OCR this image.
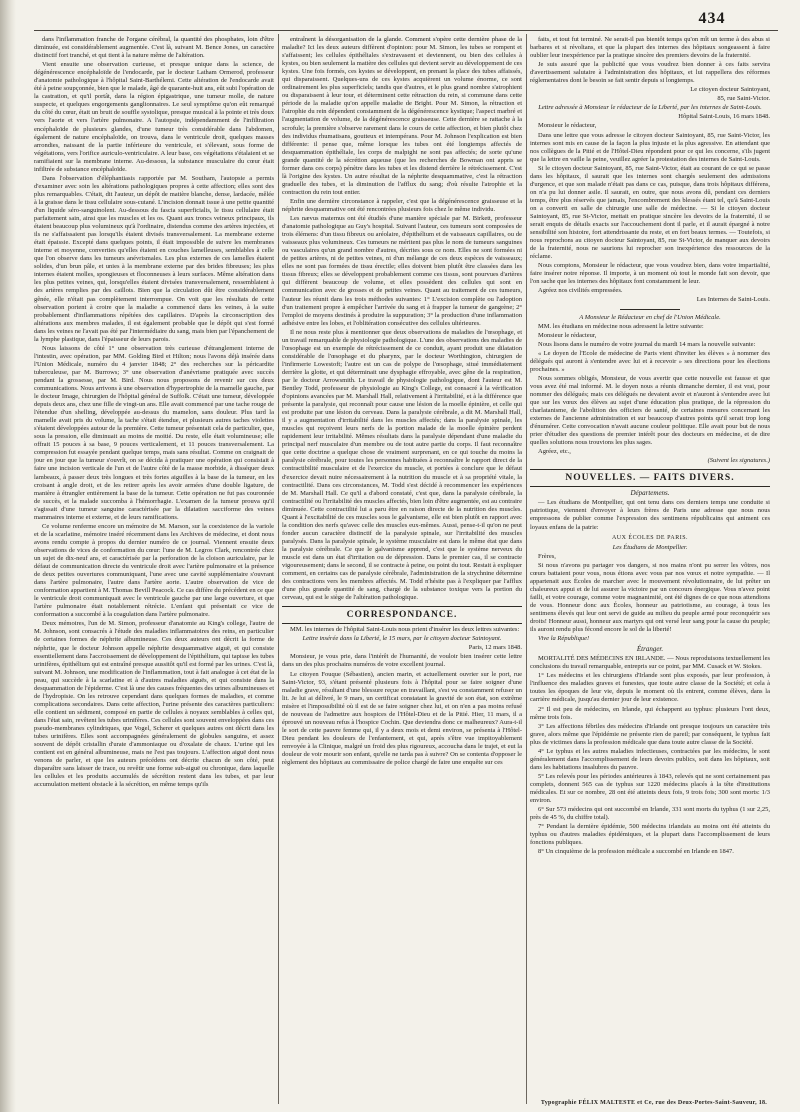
434

dans l'inflammation franche de l'organe cérébral, la quantité des phosphates, loin d'être diminuée, est considérablement augmentée. C'est là, suivant M. Bence Jones, un caractère distinctif fort tranché, et qui tient à la nature même de l'altération.

Vient ensuite une observation curieuse, et presque unique dans la science, de dégénérescence encéphaloïde de l'endocarde, par le docteur Latham Ormerod, professeur d'anatomie pathologique à l'hôpital Saint-Barthélemi. Cette altération de l'endocarde avait été à peine soupçonnée, bien que le malade, âgé de quarante-huit ans, eût subi l'opération de la castration, et qu'il portât, dans la région épigastrique, une tumeur molle, de nature suspecte, et quelques engorgements ganglionnaires. Le seul symptôme qu'on eût remarqué du côté du cœur, était un bruit de souffle systolique, presque musical à la pointe et très doux vers l'aorte et vers l'artère pulmonaire. A l'autopsie, indépendamment de l'infiltration encéphaloïde de plusieurs glandes, d'une tumeur très considérable dans l'abdomen, également de nature encéphaloïde, on trouva, dans le ventricule droit, quelques masses arrondies, naissant de la partie inférieure du ventricule, et s'élevant, sous forme de végétations, vers l'orifice auriculo-ventriculaire. A leur base, ces végétations s'étalaient et se ramifiaient sur la membrane interne. Au-dessous, la substance musculaire du cœur était infiltrée de substance encéphaloïde.

Dans l'observation d'éléphantiasis rapportée par M. Southam, l'autopsie a permis d'examiner avec soin les altérations pathologiques propres à cette affection; elles sont des plus remarquables. C'était, dit l'auteur, un dépôt de matière blanche, dense, lardacée, mêlée à la graisse dans le tissu cellulaire sous-cutané. L'incision donnait issue à une petite quantité d'un liquide séro-sanguinolent. Au-dessous du fascia superficialis, le tissu cellulaire était parfaitement sain, ainsi que les muscles et les os. Quant aux troncs veineux principaux, ils étaient beaucoup plus volumineux qu'à l'ordinaire, distendus comme des artères injectées, et ils ne s'affaissaient pas lorsqu'ils étaient divisés transversalement. La membrane externe était épaissie. Excepté dans quelques points, il était impossible de suivre les membranes interne et moyenne, converties qu'elles étaient en couches lamelleuses, semblables à celle que l'on observe dans les tumeurs anévrismales. Les plus externes de ces lamelles étaient solides, d'un brun pâle, et unies à la membrane externe par des brides fibreuses; les plus internes étaient molles, spongieuses et floconneuses à leurs surfaces. Même altération dans les plus petites veines, qui, lorsqu'elles étaient divisées transversalement, ressemblaient à des artères remplies par des caillots. Bien que la circulation dût être considérablement gênée, elle n'était pas complètement interrompue. On voit que les résultats de cette observation portent à croire que la maladie a commencé dans les veines, à la suite probablement d'inflammations répétées des capillaires. D'après la circonscription des altérations aux membres malades, il est également probable que le dépôt qui s'est formé dans les veines ne l'avait pas été par l'intermédiaire du sang, mais bien par l'épanchement de la lymphe plastique, dans l'épaisseur de leurs parois.

Nous laissons de côté 1° une observation très curieuse d'étranglement interne de l'intestin, avec opération, par MM. Golding Bird et Hilton; nous l'avons déjà insérée dans l'Union Médicale, numéro du 4 janvier 1848; 2° des recherches sur la péricardite tuberculeuse, par M. Burrows; 3° une observation d'anévrisme pratiquée avec succès pendant la grossesse, par M. Bird. Nous nous proposons de revenir sur ces deux communications. Nous arrivons à une observation d'hypertrophie de la mamelle gauche, par le docteur Image, chirurgien de l'hôpital général de Suffolk. C'était une tumeur, développée depuis deux ans, chez une fille de vingt-un ans. Elle avait commencé par une tache rouge de l'étendue d'un shelling, développée au-dessus du mamelon, sans douleur. Plus tard la mamelle avait pris du volume, la tache s'était étendue, et plusieurs autres taches violettes s'étaient développées autour de la première. Cette tumeur présentait cela de particulier, que, sous la pression, elle diminuait au moins de moitié. Du reste, elle était volumineuse; elle offrait 15 pouces à sa base, 9 pouces verticalement, et 11 pouces transversalement. La compression fut essayée pendant quelque temps, mais sans résultat. Comme on craignait de jour en jour que la tumeur s'ouvrît, on se décida à pratiquer une opération qui consistait à faire une incision verticale de l'un et de l'autre côté de la masse morbide, à disséquer deux lambeaux, à passer deux très longues et très fortes aiguilles à la base de la tumeur, en les croisant à angle droit, et de les retirer après les avoir armées d'une double ligature, de manière à étrangler entièrement la base de la tumeur. Cette opération ne fut pas couronnée de succès, et la malade succomba à l'hémorrhagie. L'examen de la tumeur prouva qu'il s'agissait d'une tumeur sanguine caractérisée par la dilatation sacciforme des veines mammaires interne et externe, et de leurs ramifications.

Ce volume renferme encore un mémoire de M. Marson, sur la coexistence de la variole et de la scarlatine, mémoire inséré récemment dans les Archives de médecine, et dont nous avons rendu compte à propos du dernier numéro de ce journal. Viennent ensuite deux observations de vices de conformation du cœur: l'une de M. Legros Clark, rencontrée chez un sujet de dix-neuf ans, et caractérisée par la perforation de la cloison auriculaire, par le défaut de communication directe du ventricule droit avec l'artère pulmonaire et la présence de deux petites ouvertures communiquant, l'une avec une cavité supplémentaire s'ouvrant dans l'artère pulmonaire, l'autre dans l'artère aorte. L'autre observation de vice de conformation appartient à M. Thomas Bevill Peacock. Ce cas diffère du précédent en ce que le ventricule droit communiquait avec le ventricule gauche par une large ouverture, et que l'artère pulmonaire était notablement rétrécie. L'enfant qui présentait ce vice de conformation a succombé à la coagulation dans l'artère pulmonaire.

Deux mémoires, l'un de M. Simon, professeur d'anatomie au King's college, l'autre de M. Johnson, sont consacrés à l'étude des maladies inflammatoires des reins, en particulier de certaines formes de néphrite albumineuse. Ces deux auteurs ont décrit la forme de néphrite, que le docteur Johnson appelle néphrite desquammative aiguë, et qui consiste essentiellement dans l'accroissement de développement de l'épithélium, qui tapisse les tubes urinifères, épithélium qui est entraîné presque aussitôt qu'il est formé par les urines. C'est là, suivant M. Johnson, une modification de l'inflammation, tout à fait analogue à cet état de la peau, qui succède à la scarlatine et à d'autres maladies aiguës, et qui consiste dans la desquammation de l'épiderme. C'est là une des causes fréquentes des urines albumineuses et de l'hydropisie. On les retrouve cependant dans quelques formes de maladies, et comme complications secondaires. Dans cette affection, l'urine présente des caractères particuliers: elle contient un sédiment, composé en partie de cellules à noyaux semblables à celles qui, dans l'état sain, revêtent les tubes urinifères. Ces cellules sont souvent enveloppées dans ces pseudo-membranes cylindriques, que Vogel, Scherer et quelques autres ont décrit dans les tubes urinifères. Elles sont accompagnées généralement de globules sanguins, et assez souvent de dépôt cristallin d'urate d'ammoniaque ou d'oxalate de chaux. L'urine qui les contient est en général albumineuse, mais ne l'est pas toujours. L'affection aiguë dont nous venons de parler, et que les auteurs précédens ont décrite chacun de son côté, peut disparaître sans laisser de trace, ou revêtir une forme sub-aiguë ou chronique, dans laquelle les cellules et les produits accumulés de sécrétion restent dans les tubes, et par leur accumulation mettent obstacle à la sécrétion, en même temps qu'ils

entraînent la désorganisation de la glande. Comment s'opère cette dernière phase de la maladie? Ici les deux auteurs diffèrent d'opinion: pour M. Simon, les tubes se rompent et s'affaissent; les cellules épithéliales s'extravasent et deviennent, ou bien des cellules à kystes, ou bien seulement la matière des cellules qui devient servir au développement de ces kystes. Une fois formés, ces kystes se développent, en prenant la place des tubes affaissés, qui disparaissent. Quelques-uns de ces kystes acquièrent un volume énorme, ce sont ordinairement les plus superficiels; tandis que d'autres, et le plus grand nombre s'atrophient ou disparaissent à leur tour, et déterminent cette rétraction du rein, si commune dans cette période de la maladie qu'on appelle maladie de Bright. Pour M. Simon, la rétraction et l'atrophie du rein dépendent constamment de la dégénérescence kystique; l'aspect marbré et l'augmentation de volume, de la dégénérescence graisseuse. Cette dernière se rattache à la scrofule; la première s'observe rarement dans le cours de cette affection, et bien plutôt chez des individus rhumatisans, goutteux et intempérans. Pour M. Johnson l'explication est bien différente: il pense que, même lorsque les tubes ont été longtemps affectés de desquammation épithéliale, les corps de malpighi ne sont pas affectés; de sorte qu'une grande quantité de la sécrétion aqueuse (que les recherches de Bowman ont appris se former dans ces corps) pénètre dans les tubes et les distend derrière le rétrécissement. C'est là l'origine des kystes. Un autre résultat de la néphrite desquammative, c'est la rétraction graduelle des tubes, et la diminution de l'afflux du sang; d'où résulte l'atrophie et la contraction du rein tout entier.

Enfin une dernière circonstance à rappeler, c'est que la dégénérescence graisseuse et la néphrite desquammative ont été rencontrées plusieurs fois chez le même individu.

Les nævus maternus ont été étudiés d'une manière spéciale par M. Birkett, professeur d'anatomie pathologique au Guy's hospital. Suivant l'auteur, ces tumeurs sont composées de trois élémens: d'un tissu fibreux ou aréolaire, d'épithélium et de vaisseaux capillaires, ou de vaisseaux plus volumineux. Ces tumeurs ne méritent pas plus le nom de tumeurs sanguines ou vasculaires qu'un grand nombre d'autres, décrites sous ce nom. Elles ne sont formées ni de petites artères, ni de petites veines, ni d'un mélange de ces deux espèces de vaisseaux; elles ne sont pas formées de tissu érectile; elles doivent bien plutôt être classées dans les tissus fibreux; elles se développent probablement comme ces tissus, sont pourvues d'artères qui diffèrent beaucoup de volume, et elles possèdent des cellules qui sont en communication avec de grosses et de petites veines. Quant au traitement de ces tumeurs, l'auteur les réunit dans les trois méthodes suivantes: 1° L'excision complète ou l'adoption d'un traitement propre à empêcher l'arrivée du sang et à frapper la tumeur de gangrène; 2° l'emploi de moyens destinés à produire la suppuration; 3° la production d'une inflammation adhésive entre les lobes, et l'oblitération consécutive des cellules ultérieures.

Il ne nous reste plus à mentionner que deux observations de maladies de l'œsophage, et un travail remarquable de physiologie pathologique. L'une des observations des maladies de l'œsophage est un exemple de rétrécissement de ce conduit, ayant produit une dilatation considérable de l'œsophage et du pharynx, par le docteur Worthington, chirurgien de l'infirmerie Lowestoft; l'autre est un cas de polype de l'œsophage, situé immédiatement derrière la glotte, et qui déterminait une dysphagie effroyable, avec gêne de la respiration, par le docteur Arrowsmith. Le travail de physiologie pathologique, dont l'auteur est M. Bentley Todd, professeur de physiologie au King's College, est consacré à la vérification d'opinions avancées par M. Marshall Hall, relativement à l'irritabilité, et à la différence que présente la paralysie, qui reconnaît pour cause une lésion de la moelle épinière, et celle qui est produite par une lésion du cerveau. Dans la paralysie cérébrale, a dit M. Marshall Hall, il y a augmentation d'irritabilité dans les muscles affectés; dans la paralysie spinale, les muscles qui reçoivent leurs nerfs de la portion malade de la moelle épinière perdent rapidement leur irritabilité. Mêmes résultats dans la paralysie dépendant d'une maladie du principal nerf musculaire d'un membre ou de tout autre partie du corps. Il faut reconnaître que cette doctrine a quelque chose de vraiment surprenant, en ce qui touche du moins la paralysie cérébrale, pour toutes les personnes habituées à reconnaître le rapport direct de la contractibilité musculaire et de l'exercice du muscle, et portées à conclure que le défaut d'exercice devait nuire nécessairement à la nutrition du muscle et à sa propriété vitale, la contractilité. Dans ces circonstances, M. Todd s'est décidé à recommencer les expériences de M. Marshall Hall. Ce qu'il a d'abord constaté, c'est que, dans la paralysie cérébrale, la contractilité ou l'irritabilité des muscles affectés, bien loin d'être augmentée, est au contraire diminuée. Cette contractilité lui a paru être en raison directe de la nutrition des muscles. Quant à l'excitabilité de ces muscles sous le galvanisme, elle est bien plutôt en rapport avec la condition des nerfs qu'avec celle des muscles eux-mêmes. Aussi, pense-t-il qu'on ne peut fonder aucun caractère distinctif de la paralysie spinale, sur l'irritabilité des muscles paralysés. Dans la paralysie spinale, le système musculaire est dans le même état que dans la paralysie cérébrale. Ce que le galvanisme apprend, c'est que le système nerveux du muscle est dans un état d'irritation ou de dépression. Dans le premier cas, il se contracte vigoureusement; dans le second, il se contracte à peine, ou point du tout. Restait à expliquer comment, en certains cas de paralysie cérébrale, l'administration de la strychnine détermine des contractions vers les membres affectés. M. Todd n'hésite pas à l'expliquer par l'afflux d'une plus grande quantité de sang, chargé de la substance toxique vers la portion du cerveau, qui est le siège de l'altération pathologique.

CORRESPONDANCE.

MM. les internes de l'hôpital Saint-Louis nous prient d'insérer les deux lettres suivantes:

Lettre insérée dans la Liberté, le 15 mars, par le citoyen docteur Saintoyant.

Paris, 12 mars 1848.

Monsieur, je vous prie, dans l'intérêt de l'humanité, de vouloir bien insérer cette lettre dans un des plus prochains numéros de votre excellent journal.

Le citoyen Fouque (Sébastien), ancien marin, et actuellement ouvrier sur le port, rue Saint-Victor, 93, s'étant présenté plusieurs fois à l'hôpital pour se faire soigner d'une maladie grave, résultant d'une blessure reçue en travaillant, s'est vu constamment refuser un lit. Je lui ai délivré, le 9 mars, un certificat constatant la gravité de son état, son extrême misère et l'impossibilité où il est de se faire soigner chez lui, et on n'en a pas moins refusé de nouveau de l'admettre aux hospices de l'Hôtel-Dieu et de la Pitié. Hier, 11 mars, il a éprouvé un nouveau refus à l'hospice Cochin. Que deviendra donc ce malheureux? Aura-t-il le sort de cette pauvre femme qui, il y a deux mois et demi environ, se présenta à l'Hôtel-Dieu pendant les douleurs de l'enfantement, et qui, après s'être vue impitoyablement renvoyée à la Clinique, malgré un froid des plus rigoureux, accoucha dans le trajet, et eut la douleur de voir mourir son enfant, qu'elle ne tarda pas à suivre? On se contenta d'opposer le règlement des hôpitaux au commissaire de police chargé de faire une enquête sur ces

faits, et tout fut terminé. Ne serait-il pas bientôt temps qu'on mît un terme à des abus si barbares et si révoltans, et que la plupart des internes des hôpitaux songeassent à faire oublier leur inexpérience par la pratique sincère des premiers devoirs de la fraternité.

Je suis assuré que la publicité que vous voudrez bien donner à ces faits servira d'avertissement salutaire à l'administration des hôpitaux, et lui rappellera des réformes réglementaires dont le besoin se fait sentir depuis si longtemps.

Le citoyen docteur Saintoyant,

85, rue Saint-Victor.

Lettre adressée à Monsieur le rédacteur de la Liberté, par les internes de Saint-Louis.

Hôpital Saint-Louis, 16 mars 1848.

Monsieur le rédacteur,

Dans une lettre que vous adresse le citoyen docteur Saintoyant, 85, rue Saint-Victor, les internes sont mis en cause de la façon la plus injuste et la plus agressive. En attendant que nos collègues de la Pitié et de l'Hôtel-Dieu répondent pour ce qui les concerne, s'ils jugent que la lettre en vaille la peine, veuillez agréer la protestation des internes de Saint-Louis.

Si le citoyen docteur Saintoyant, 85, rue Saint-Victor, était au courant de ce qui se passe dans les hôpitaux, il saurait que les internes sont chargés seulement des admissions d'urgence, et que son malade n'était pas dans ce cas, puisque, dans trois hôpitaux différens, on n'a pu lui donner asile. Il saurait, en outre, que nous avons dû, pendant ces derniers temps, être plus réservés que jamais, l'encombrement des blessés étant tel, qu'à Saint-Louis on a converti en salle de chirurgie une salle de médecine. — Si le citoyen docteur Saintoyant, 85, rue St-Victor, mettait en pratique sincère les devoirs de la fraternité, il se serait enquis de détails exacts sur l'accouchement dont il parle, et il aurait épargné à notre sensibilité son histoire, fort attendrissante du reste, et en fort beaux termes. — Toutefois, si nous reprochons au citoyen docteur Saintoyant, 85, rue St-Victor, de manquer aux devoirs de la fraternité, nous ne saurions lui reprocher son inexpérience des ressources de la réclame.

Nous comptons, Monsieur le rédacteur, que vous voudrez bien, dans votre impartialité, faire insérer notre réponse. Il importe, à un moment où tout le monde fait son devoir, que l'on sache que les internes des hôpitaux font constamment le leur.

Agréez nos civilités empressées.

Les Internes de Saint-Louis.

A Monsieur le Rédacteur en chef de l'Union Médicale.

MM. les étudians en médecine nous adressent la lettre suivante:

Monsieur le rédacteur,

Nous lisons dans le numéro de votre journal du mardi 14 mars la nouvelle suivante:

« Le doyen de l'Ecole de médecine de Paris vient d'inviter les élèves » à nommer des délégués qui auront à s'entendre avec lui et à recevoir » ses directions pour les élections prochaines. »

Nous sommes obligés, Monsieur, de vous avertir que cette nouvelle est fausse et que vous avez été mal informé. M. le doyen nous a réunis dimanche dernier, il est vrai, pour nommer des délégués; mais ces délégués ne devaient avoir et n'auront à s'entendre avec lui que sur les vœux des élèves au sujet d'une éducation plus pratique, de la répression du charlatanisme, de l'abolition des officiers de santé, de certaines mesures concernant les externes de l'ancienne administration et sur beaucoup d'autres points qu'il serait trop long d'énumérer. Cette convocation n'avait aucune couleur politique. Elle avait pour but de nous prier d'étudier des questions de premier intérêt pour des docteurs en médecine, et de dire quelles solutions nous trouvions les plus sages.

Agréez, etc.,

(Suivent les signatures.)

NOUVELLES. — FAITS DIVERS.
Départemens.

— Les étudians de Montpellier, qui ont tenu dans ces derniers temps une conduite si patriotique, viennent d'envoyer à leurs frères de Paris une adresse que nous nous empressons de publier comme l'expression des sentimens républicains qui animent ces loyaux enfans de la patrie:

AUX ÉCOLES DE PARIS.

Les Étudians de Montpellier.

Frères,

Si nous n'avons pu partager vos dangers, si nos mains n'ont pu serrer les vôtres, nos cœurs battaient pour vous, nous étions avec vous par nos vœux et notre sympathie. — Il appartenait aux Écoles de marcher avec le mouvement révolutionnaire, de lui prêter un chaleureux appui et de lui assurer la victoire par un concours énergique. Vous n'avez point failli, et votre courage, comme votre magnanimité, ont été dignes de ce que nous attendions de vous. Honneur donc aux Écoles, honneur au patriotisme, au courage, à tous les sentimens élevés qui leur ont servi de guide au milieu du peuple armé pour reconquérir ses droits! Honneur aussi, honneur aux martyrs qui ont versé leur sang pour la cause du peuple; ils auront rendu plus fécond encore le sol de la liberté!

Vive la République!

Étranger.

MORTALITÉ DES MÉDECINS EN IRLANDE. — Nous reproduisons textuellement les conclusions du travail remarquable, entrepris sur ce point, par MM. Cusack et W. Stokes.

1° Les médecins et les chirurgiens d'Irlande sont plus exposés, par leur profession, à l'influence des maladies graves et funestes, que toute autre classe de la Société; et cela à toutes les époques de leur vie, depuis le moment où ils entrent, comme élèves, dans la carrière médicale, jusqu'au dernier jour de leur existence.

2° Il est peu de médecins, en Irlande, qui échappent au typhus: plusieurs l'ont deux, même trois fois.

3° Les affections fébriles des médecins d'Irlande ont presque toujours un caractère très grave, alors même que l'épidémie ne présente rien de pareil; par conséquent, le typhus fait plus de victimes dans la profession médicale que dans toute autre classe de la Société.

4° Le typhus et les autres maladies infectieuses, contractées par les médecins, le sont généralement dans l'accomplissement de leurs devoirs publics, soit dans les hôpitaux, soit dans les habitations insalubres du pauvre.

5° Les relevés pour les périodes antérieures à 1843, relevés qui ne sont certainement pas complets, donnent 565 cas de typhus sur 1220 médecins placés à la tête d'institutions médicales. Et sur ce nombre, 28 ont été atteints deux fois, 9 trois fois; 300 sont morts: 1/3 environ.

6° Sur 573 médecins qui ont succombé en Irlande, 331 sont morts du typhus (1 sur 2,25, près de 45 %, du chiffre total).

7° Pendant la dernière épidémie, 500 médecins irlandais au moins ont été atteints du typhus ou d'autres maladies épidémiques, et la plupart dans l'accomplissement de leurs fonctions publiques.

8° Un cinquième de la profession médicale a succombé en Irlande en 1847.

Typographie FÉLIX MALTESTE et Ce, rue des Deux-Portes-Saint-Sauveur, 18.
